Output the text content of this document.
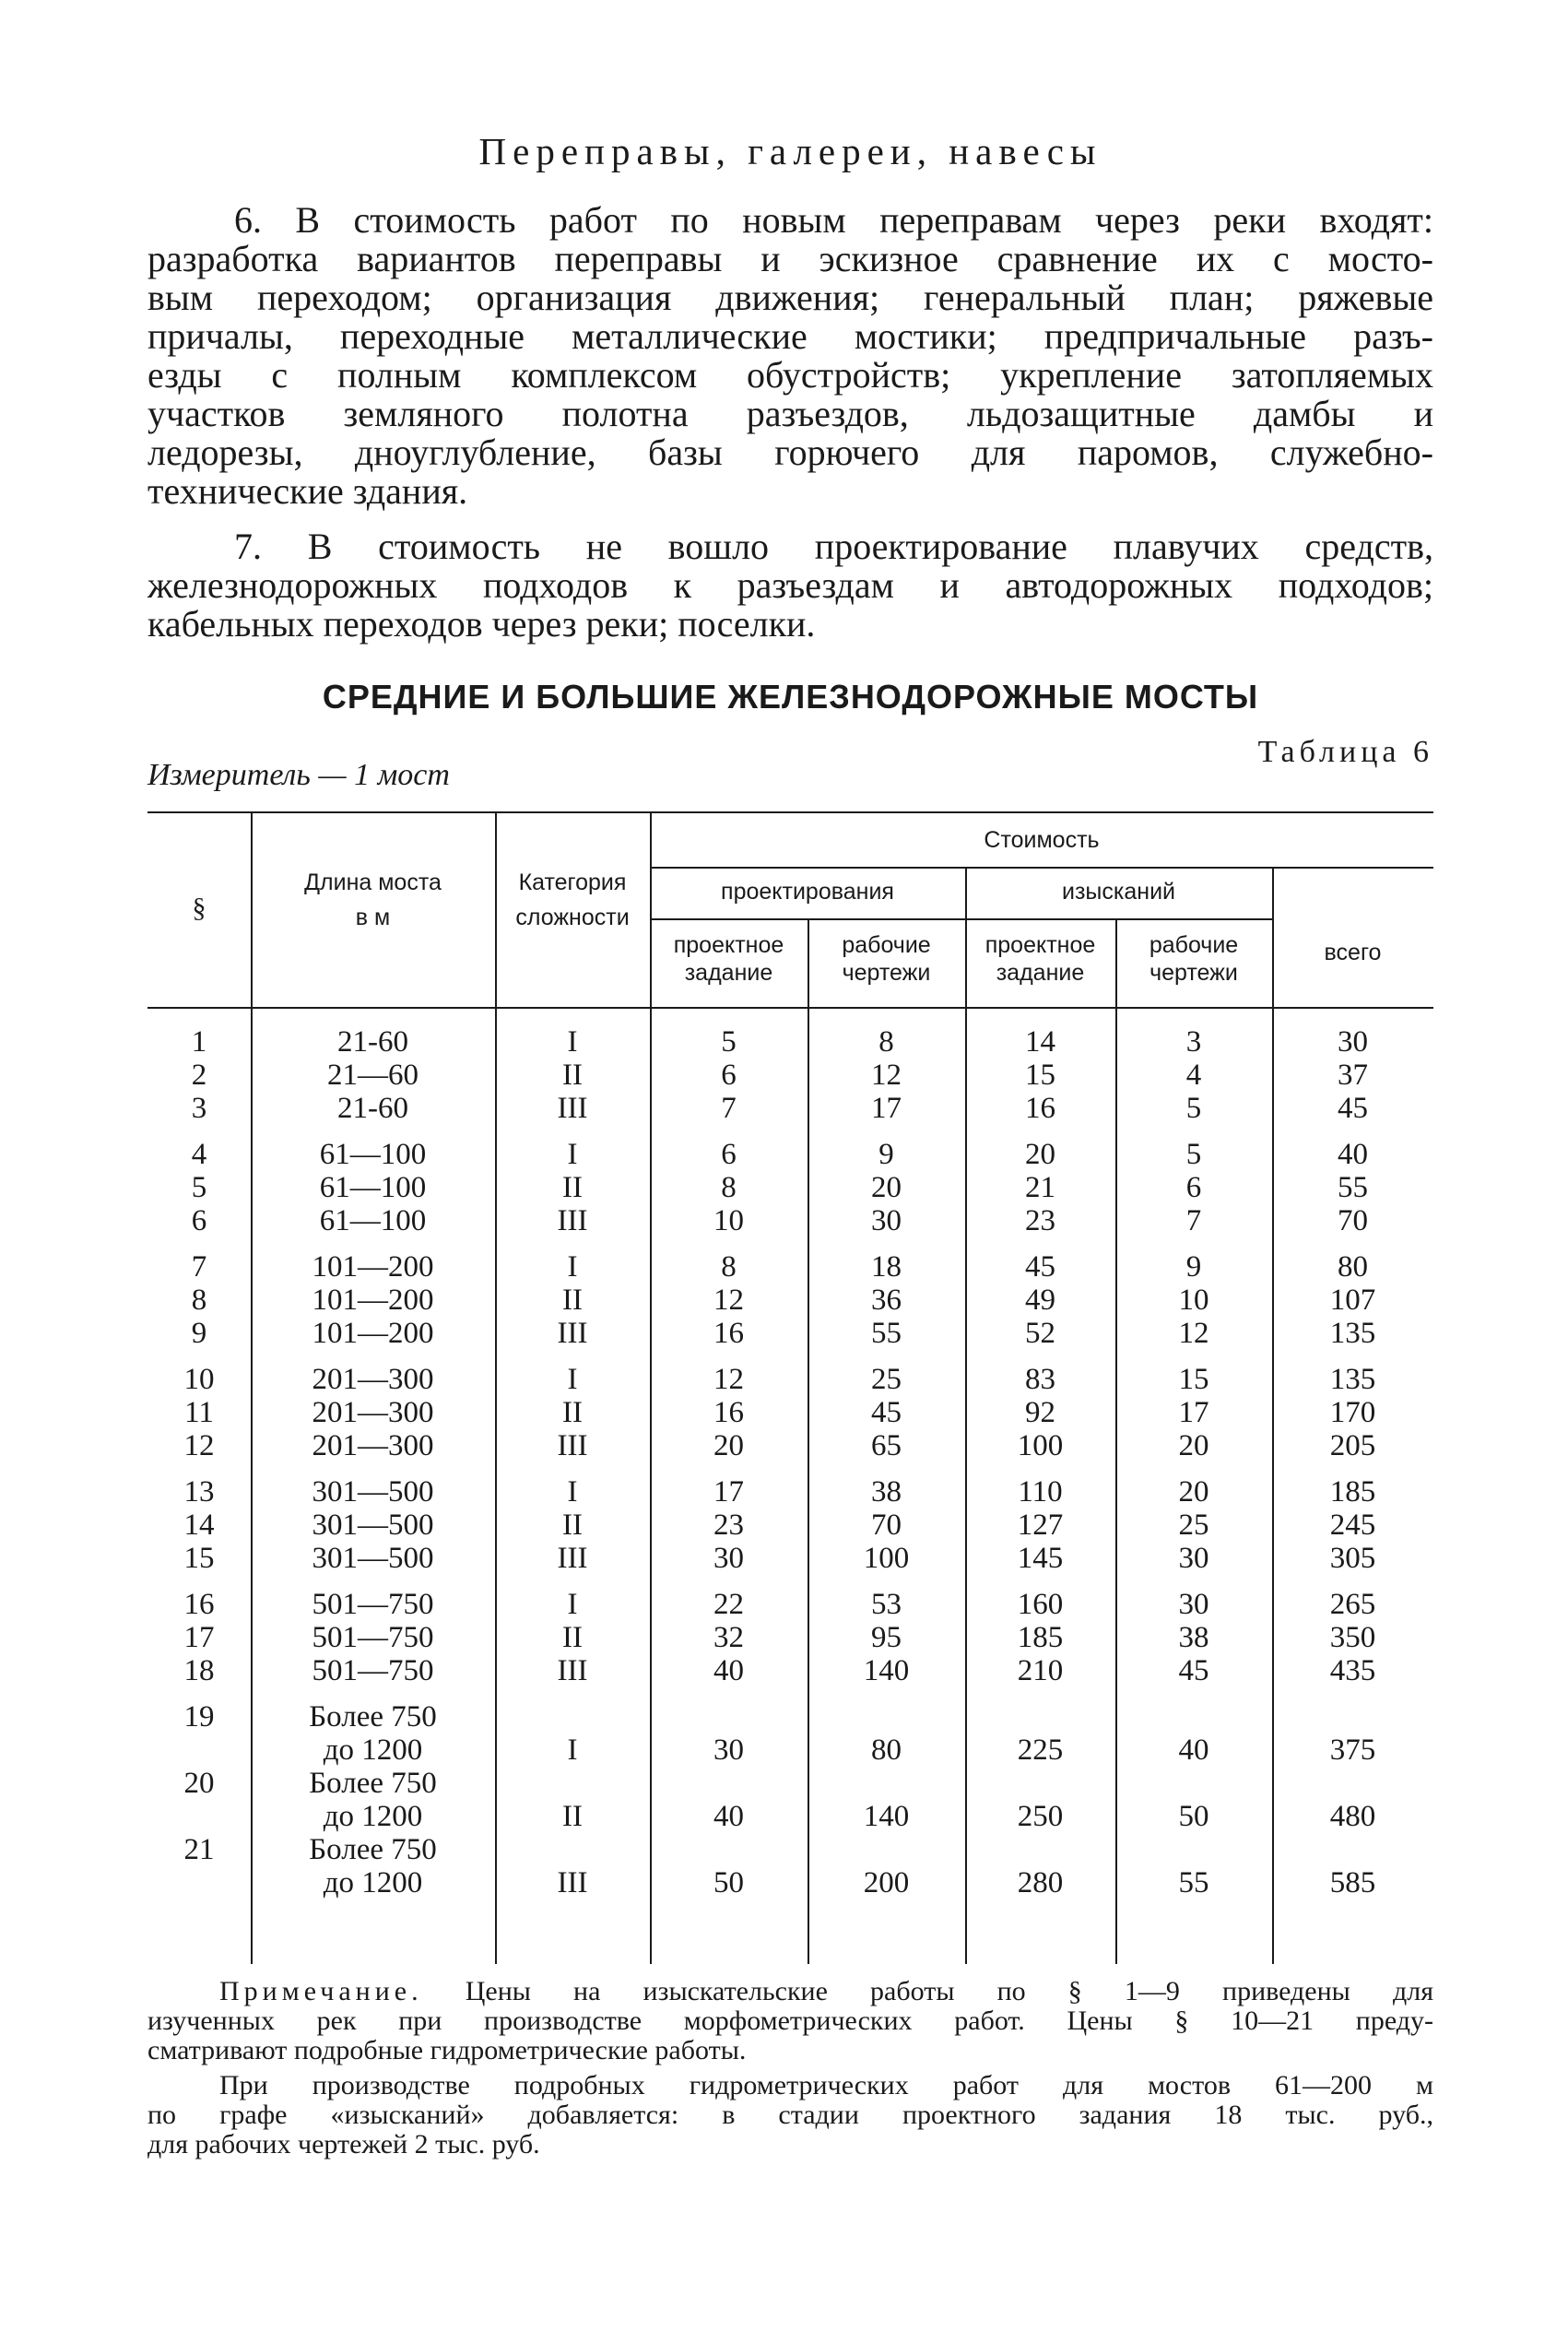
Переправы, галереи, навесы
6. В стоимость работ по новым переправам через реки входят:
разработка вариантов переправы и эскизное сравнение их с мосто-
вым переходом; организация движения; генеральный план; ряжевые
причалы, переходные металлические мостики; предпричальные разъ-
езды с полным комплексом обустройств; укрепление затопляемых
участков земляного полотна разъездов, льдозащитные дамбы и
ледорезы, дноуглубление, базы горючего для паромов, служебно-
технические здания.
7. В стоимость не вошло проектирование плавучих средств,
железнодорожных подходов к разъездам и автодорожных подходов;
кабельных переходов через реки; поселки.
СРЕДНИЕ И БОЛЬШИЕ ЖЕЛЕЗНОДОРОЖНЫЕ МОСТЫ
Таблица 6
Измеритель — 1 мост
§
Длина моста
в м
Категория
сложности
Стоимость
проектирования	изысканий
проектное
задание
рабочие
чертежи
проектное
задание
рабочие
чертежи
всего
1	21-60	I	5	8	14	3	30
2	21—60	II	6	12	15	4	37
3	21-60	III	7	17	16	5	45
4	61—100	I	6	9	20	5	40
5	61—100	II	8	20	21	6	55
6	61—100	III	10	30	23	7	70
7	101—200	I	8	18	45	9	80
8	101—200	II	12	36	49	10	107
9	101—200	III	16	55	52	12	135
10	201—300	I	12	25	83	15	135
11	201—300	II	16	45	92	17	170
12	201—300	III	20	65	100	20	205
13	301—500	I	17	38	110	20	185
14	301—500	II	23	70	127	25	245
15	301—500	III	30	100	145	30	305
16	501—750	I	22	53	160	30	265
17	501—750	II	32	95	185	38	350
18	501—750	III	40	140	210	45	435
19	Более 750
до 1200	I	30	80	225	40	375
20	Более 750
до 1200	II	40	140	250	50	480
21	Более 750
до 1200	III	50	200	280	55	585
Примечание. Цены на изыскательские работы по § 1—9 приведены для
изученных рек при производстве морфометрических работ. Цены § 10—21 преду-
сматривают подробные гидрометрические работы.
При производстве подробных гидрометрических работ для мостов 61—200 м
по графе «изысканий» добавляется: в стадии проектного задания 18 тыс. руб.,
для рабочих чертежей 2 тыс. руб.
